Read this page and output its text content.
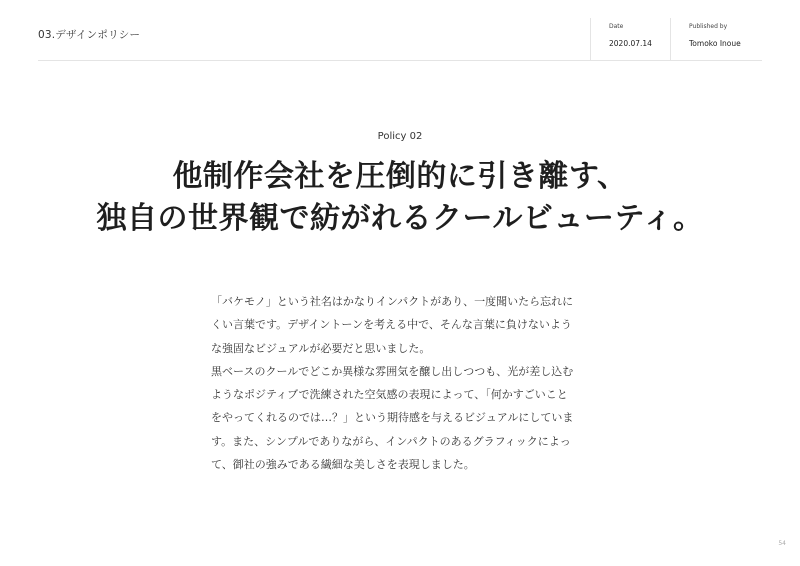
03.デザインポリシー
Date
2020.07.14
Published by
Tomoko Inoue
Policy 02
他制作会社を圧倒的に引き離す、
独自の世界観で紡がれるクールビューティ。
「バケモノ」という社名はかなりインパクトがあり、一度聞いたら忘れに
くい言葉です。デザイントーンを考える中で、そんな言葉に負けないよう
な強固なビジュアルが必要だと思いました。
黒ベースのクールでどこか異様な雰囲気を醸し出しつつも、光が差し込む
ようなポジティブで洗練された空気感の表現によって、「何かすごいこと
をやってくれるのでは…？」という期待感を与えるビジュアルにしていま
す。また、シンプルでありながら、インパクトのあるグラフィックによっ
て、御社の強みである繊細な美しさを表現しました。
54
